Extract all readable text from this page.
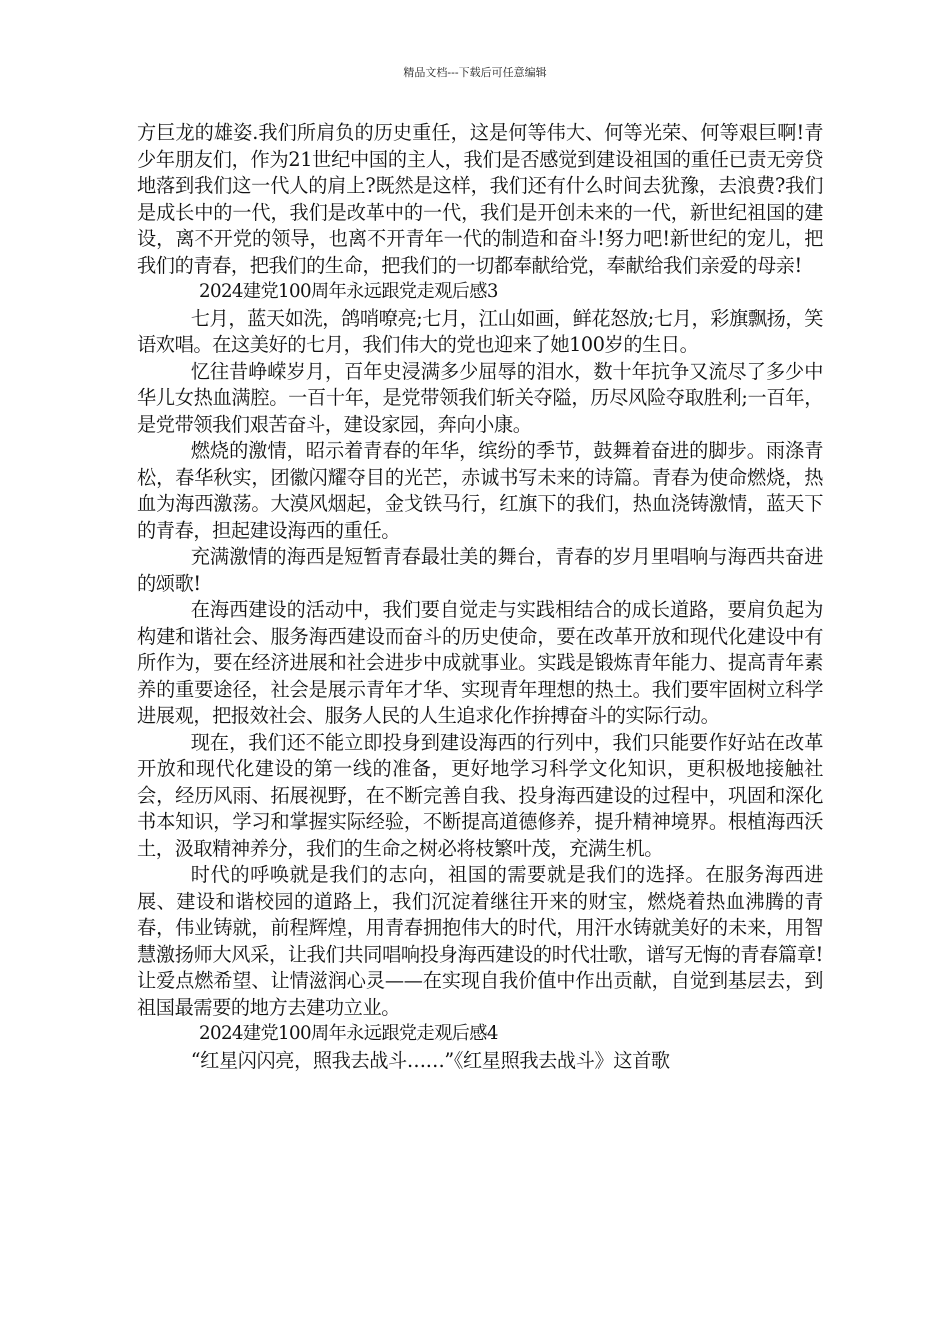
精品文档---下载后可任意编辑

方巨龙的雄姿.我们所肩负的历史重任，这是何等伟大、何等光荣、何等艰巨啊!青少年朋友们，作为21世纪中国的主人，我们是否感觉到建设祖国的重任已责无旁贷地落到我们这一代人的肩上?既然是这样，我们还有什么时间去犹豫，去浪费?我们是成长中的一代，我们是改革中的一代，我们是开创未来的一代，新世纪祖国的建设，离不开党的领导，也离不开青年一代的制造和奋斗!努力吧!新世纪的宠儿，把我们的青春，把我们的生命，把我们的一切都奉献给党，奉献给我们亲爱的母亲!

2024建党100周年永远跟党走观后感3

七月，蓝天如洗，鸽哨嘹亮;七月，江山如画，鲜花怒放;七月，彩旗飘扬，笑语欢唱。在这美好的七月，我们伟大的党也迎来了她100岁的生日。

忆往昔峥嵘岁月，百年史浸满多少屈辱的泪水，数十年抗争又流尽了多少中华儿女热血满腔。一百十年，是党带领我们斩关夺隘，历尽风险夺取胜利;一百年，是党带领我们艰苦奋斗，建设家园，奔向小康。

燃烧的激情，昭示着青春的年华，缤纷的季节，鼓舞着奋进的脚步。雨涤青松，春华秋实，团徽闪耀夺目的光芒，赤诚书写未来的诗篇。青春为使命燃烧，热血为海西激荡。大漠风烟起，金戈铁马行，红旗下的我们，热血浇铸激情，蓝天下的青春，担起建设海西的重任。

充满激情的海西是短暂青春最壮美的舞台，青春的岁月里唱响与海西共奋进的颂歌!

在海西建设的活动中，我们要自觉走与实践相结合的成长道路，要肩负起为构建和谐社会、服务海西建设而奋斗的历史使命，要在改革开放和现代化建设中有所作为，要在经济进展和社会进步中成就事业。实践是锻炼青年能力、提高青年素养的重要途径，社会是展示青年才华、实现青年理想的热土。我们要牢固树立科学进展观，把报效社会、服务人民的人生追求化作拚搏奋斗的实际行动。

现在，我们还不能立即投身到建设海西的行列中，我们只能要作好站在改革开放和现代化建设的第一线的准备，更好地学习科学文化知识，更积极地接触社会，经历风雨、拓展视野，在不断完善自我、投身海西建设的过程中，巩固和深化书本知识，学习和掌握实际经验，不断提高道德修养，提升精神境界。根植海西沃土，汲取精神养分，我们的生命之树必将枝繁叶茂，充满生机。

时代的呼唤就是我们的志向，祖国的需要就是我们的选择。在服务海西进展、建设和谐校园的道路上，我们沉淀着继往开来的财宝，燃烧着热血沸腾的青春，伟业铸就，前程辉煌，用青春拥抱伟大的时代，用汗水铸就美好的未来，用智慧激扬师大风采，让我们共同唱响投身海西建设的时代壮歌，谱写无悔的青春篇章!让爱点燃希望、让情滋润心灵——在实现自我价值中作出贡献，自觉到基层去，到祖国最需要的地方去建功立业。

2024建党100周年永远跟党走观后感4

“红星闪闪亮，照我去战斗……”《红星照我去战斗》这首歌
